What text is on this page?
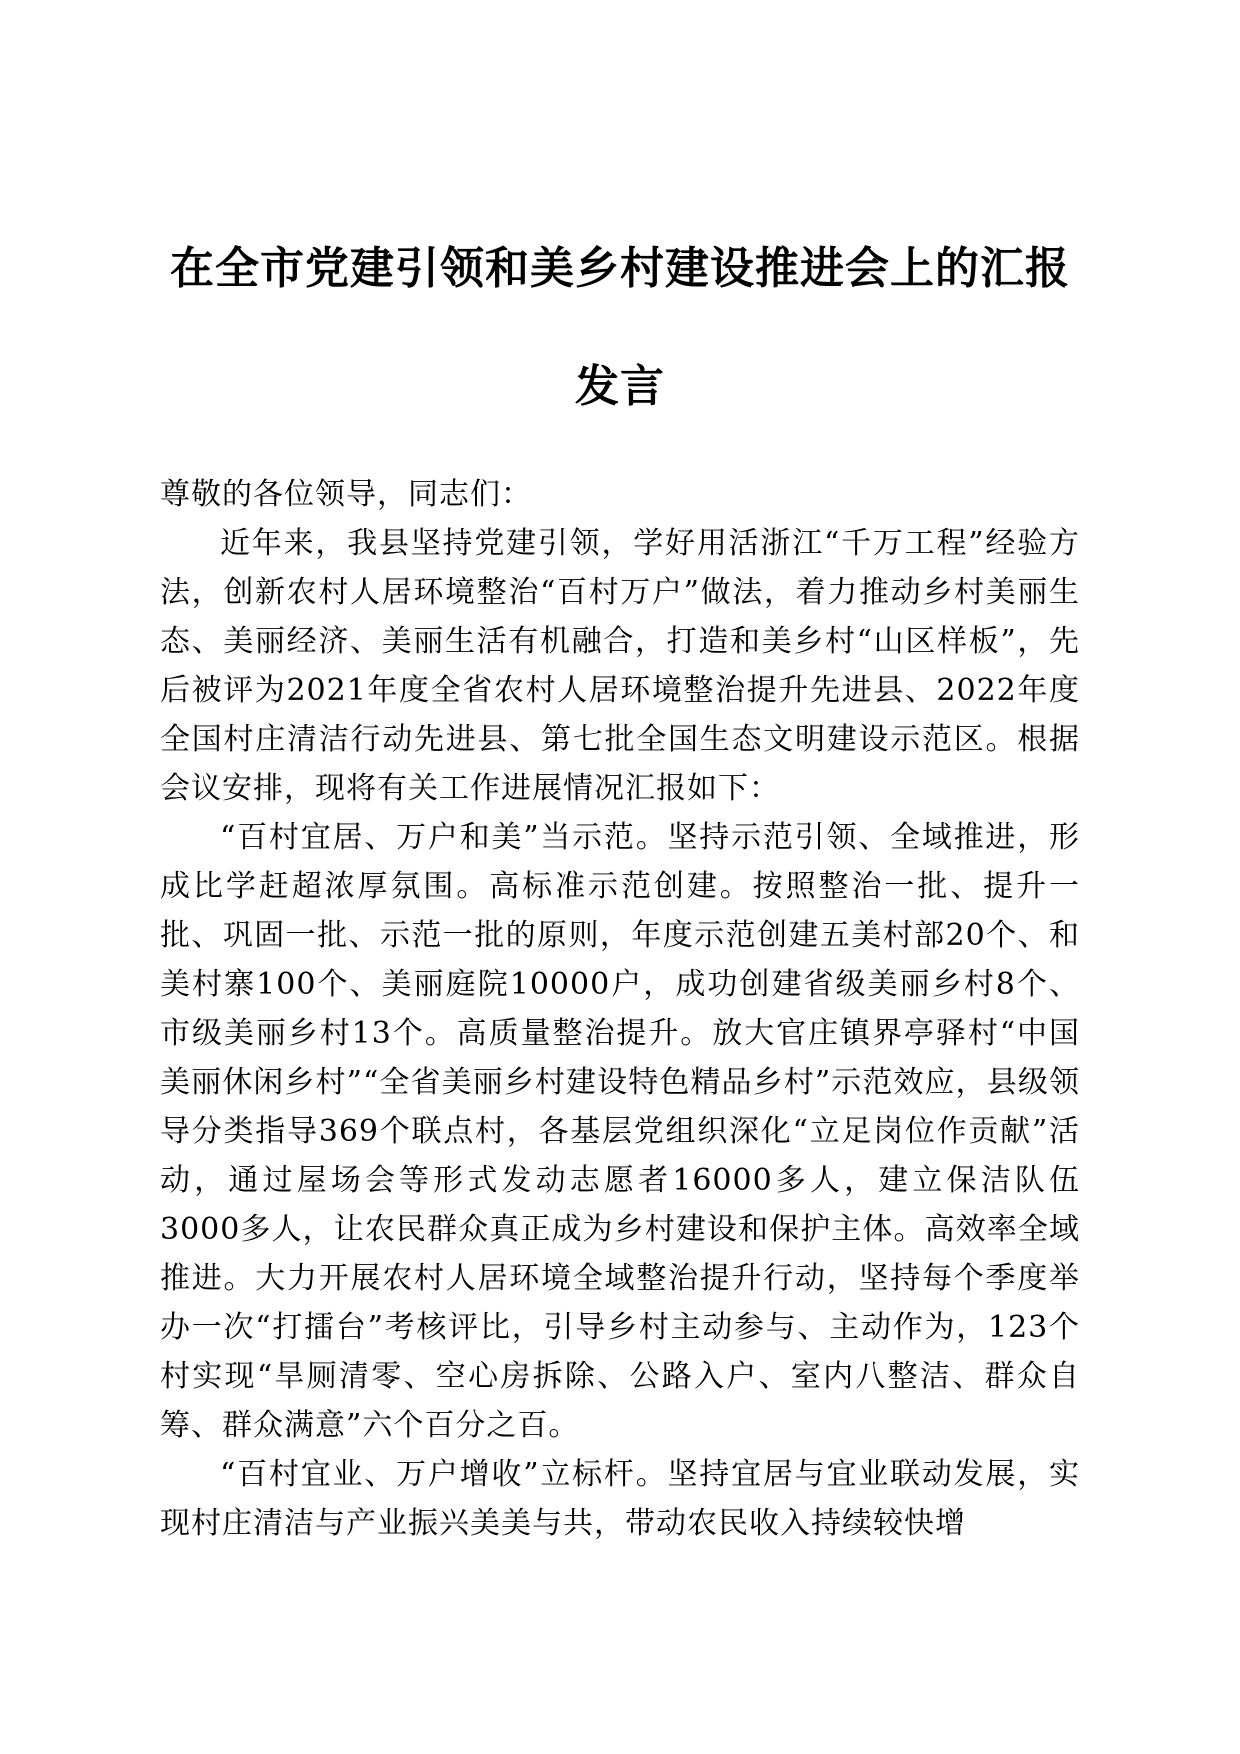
在全市党建引领和美乡村建设推进会上的汇报
发言

尊敬的各位领导，同志们：

近年来，我县坚持党建引领，学好用活浙江“千万工程”经验方法，创新农村人居环境整治“百村万户”做法，着力推动乡村美丽生态、美丽经济、美丽生活有机融合，打造和美乡村“山区样板”，先后被评为2021年度全省农村人居环境整治提升先进县、2022年度全国村庄清洁行动先进县、第七批全国生态文明建设示范区。根据会议安排，现将有关工作进展情况汇报如下：

“百村宜居、万户和美”当示范。坚持示范引领、全域推进，形成比学赶超浓厚氛围。高标准示范创建。按照整治一批、提升一批、巩固一批、示范一批的原则，年度示范创建五美村部20个、和美村寨100个、美丽庭院10000户，成功创建省级美丽乡村8个、市级美丽乡村13个。高质量整治提升。放大官庄镇界亭驿村“中国美丽休闲乡村”“全省美丽乡村建设特色精品乡村”示范效应，县级领导分类指导369个联点村，各基层党组织深化“立足岗位作贡献”活动，通过屋场会等形式发动志愿者16000多人，建立保洁队伍3000多人，让农民群众真正成为乡村建设和保护主体。高效率全域推进。大力开展农村人居环境全域整治提升行动，坚持每个季度举办一次“打擂台”考核评比，引导乡村主动参与、主动作为，123个村实现“旱厕清零、空心房拆除、公路入户、室内八整洁、群众自筹、群众满意”六个百分之百。

“百村宜业、万户增收”立标杆。坚持宜居与宜业联动发展，实现村庄清洁与产业振兴美美与共，带动农民收入持续较快增
